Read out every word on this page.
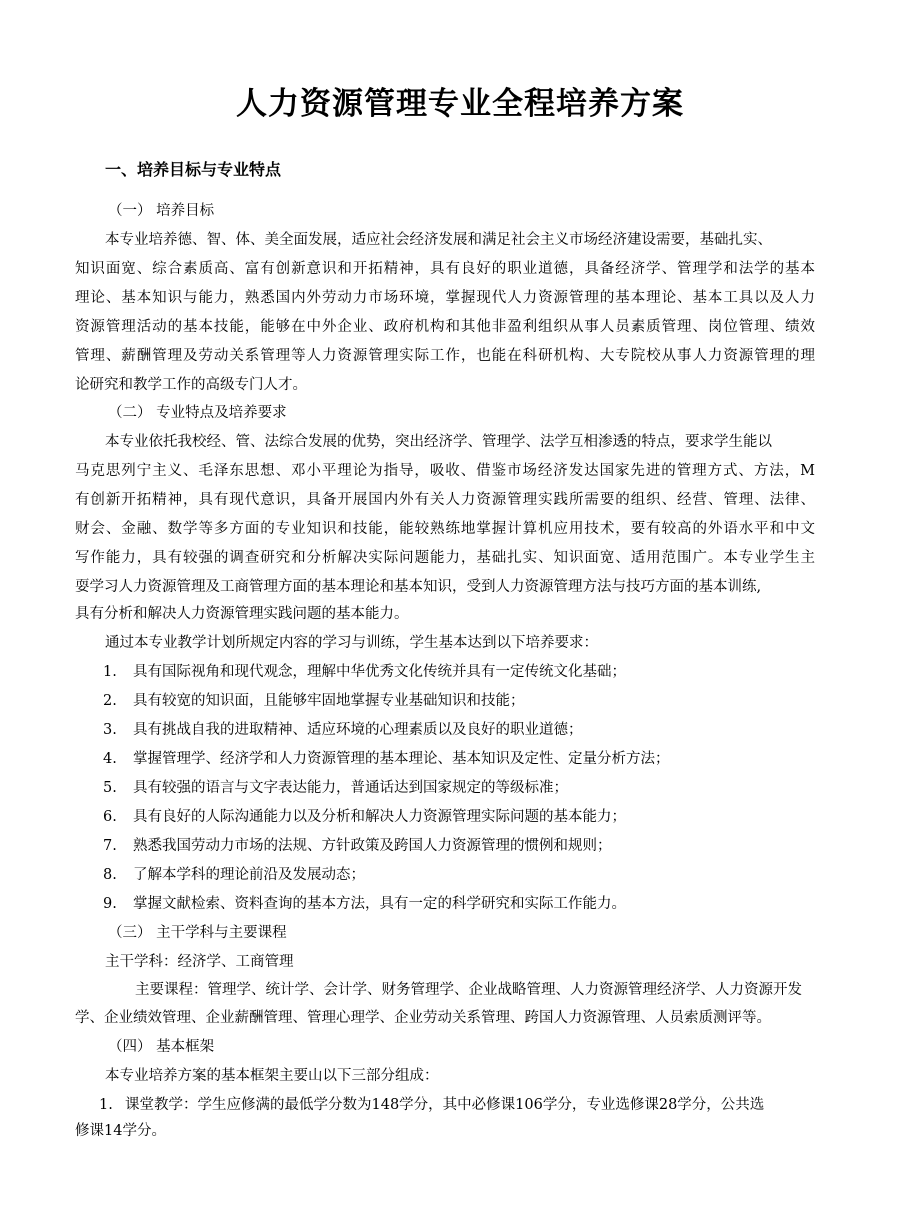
人力资源管理专业全程培养方案
一、培养目标与专业特点
（一） 培养目标
本专业培养德、智、体、美全面发展，适应社会经济发展和满足社会主义市场经济建设需要，基础扎实、
知识面宽、综合素质高、富有创新意识和开拓精神，具有良好的职业道德，具备经济学、管理学和法学的基本
理论、基本知识与能力，熟悉国内外劳动力市场环境，掌握现代人力资源管理的基本理论、基本工具以及人力
资源管理活动的基本技能，能够在中外企业、政府机构和其他非盈利组织从事人员素质管理、岗位管理、绩效
管理、薪酬管理及劳动关系管理等人力资源管理实际工作，也能在科研机构、大专院校从事人力资源管理的理
论研究和教学工作的高级专门人才。
（二） 专业特点及培养要求
本专业依托我校经、管、法综合发展的优势，突出经济学、管理学、法学互相渗透的特点，要求学生能以
马克思列宁主义、毛泽东思想、邓小平理论为指导，吸收、借鉴市场经济发达国家先进的管理方式、方法，M
有创新开拓精神，具有现代意识，具备开展国内外有关人力资源管理实践所需要的组织、经营、管理、法律、
财会、金融、数学等多方面的专业知识和技能，能较熟练地掌握计算机应用技术，要有较高的外语水平和中文
写作能力，具有较强的调查研究和分析解决实际问题能力，基础扎实、知识面宽、适用范围广。本专业学生主
耍学习人力资源管理及工商管理方面的基本理论和基本知识，受到人力资源管理方法与技巧方面的基本训练,
具有分析和解决人力资源管理实践问题的基本能力。
通过本专业教学计划所规定内容的学习与训练，学生基本达到以下培养要求：
1. 具有国际视角和现代观念，理解中华优秀文化传统并具有一定传统文化基础；
2. 具有较宽的知识面，且能够牢固地掌握专业基础知识和技能；
3. 具有挑战自我的进取精神、适应环境的心理素质以及良好的职业道德；
4. 掌握管理学、经济学和人力资源管理的基本理论、基本知识及定性、定量分析方法；
5. 具有较强的语言与文字表达能力，普通话达到国家规定的等级标准；
6. 具有良好的人际沟通能力以及分析和解决人力资源管理实际问题的基本能力；
7. 熟悉我国劳动力市场的法规、方针政策及跨国人力资源管理的惯例和规则；
8. 了解本学科的理论前沿及发展动态；
9. 掌握文献检索、资料查询的基本方法，具有一定的科学研究和实际工作能力。
（三） 主干学科与主要课程
主干学科：经济学、工商管理
主要课程：管理学、统计学、会计学、财务管理学、企业战略管理、人力资源管理经济学、人力资源开发
学、企业绩效管理、企业薪酬管理、管理心理学、企业劳动关系管理、跨国人力资源管理、人员索质测评等。
（四） 基本框架
本专业培养方案的基本框架主要山以下三部分组成：
1. 课堂教学：学生应修满的最低学分数为148学分，其中必修课106学分，专业选修课28学分，公共选
修课14学分。
